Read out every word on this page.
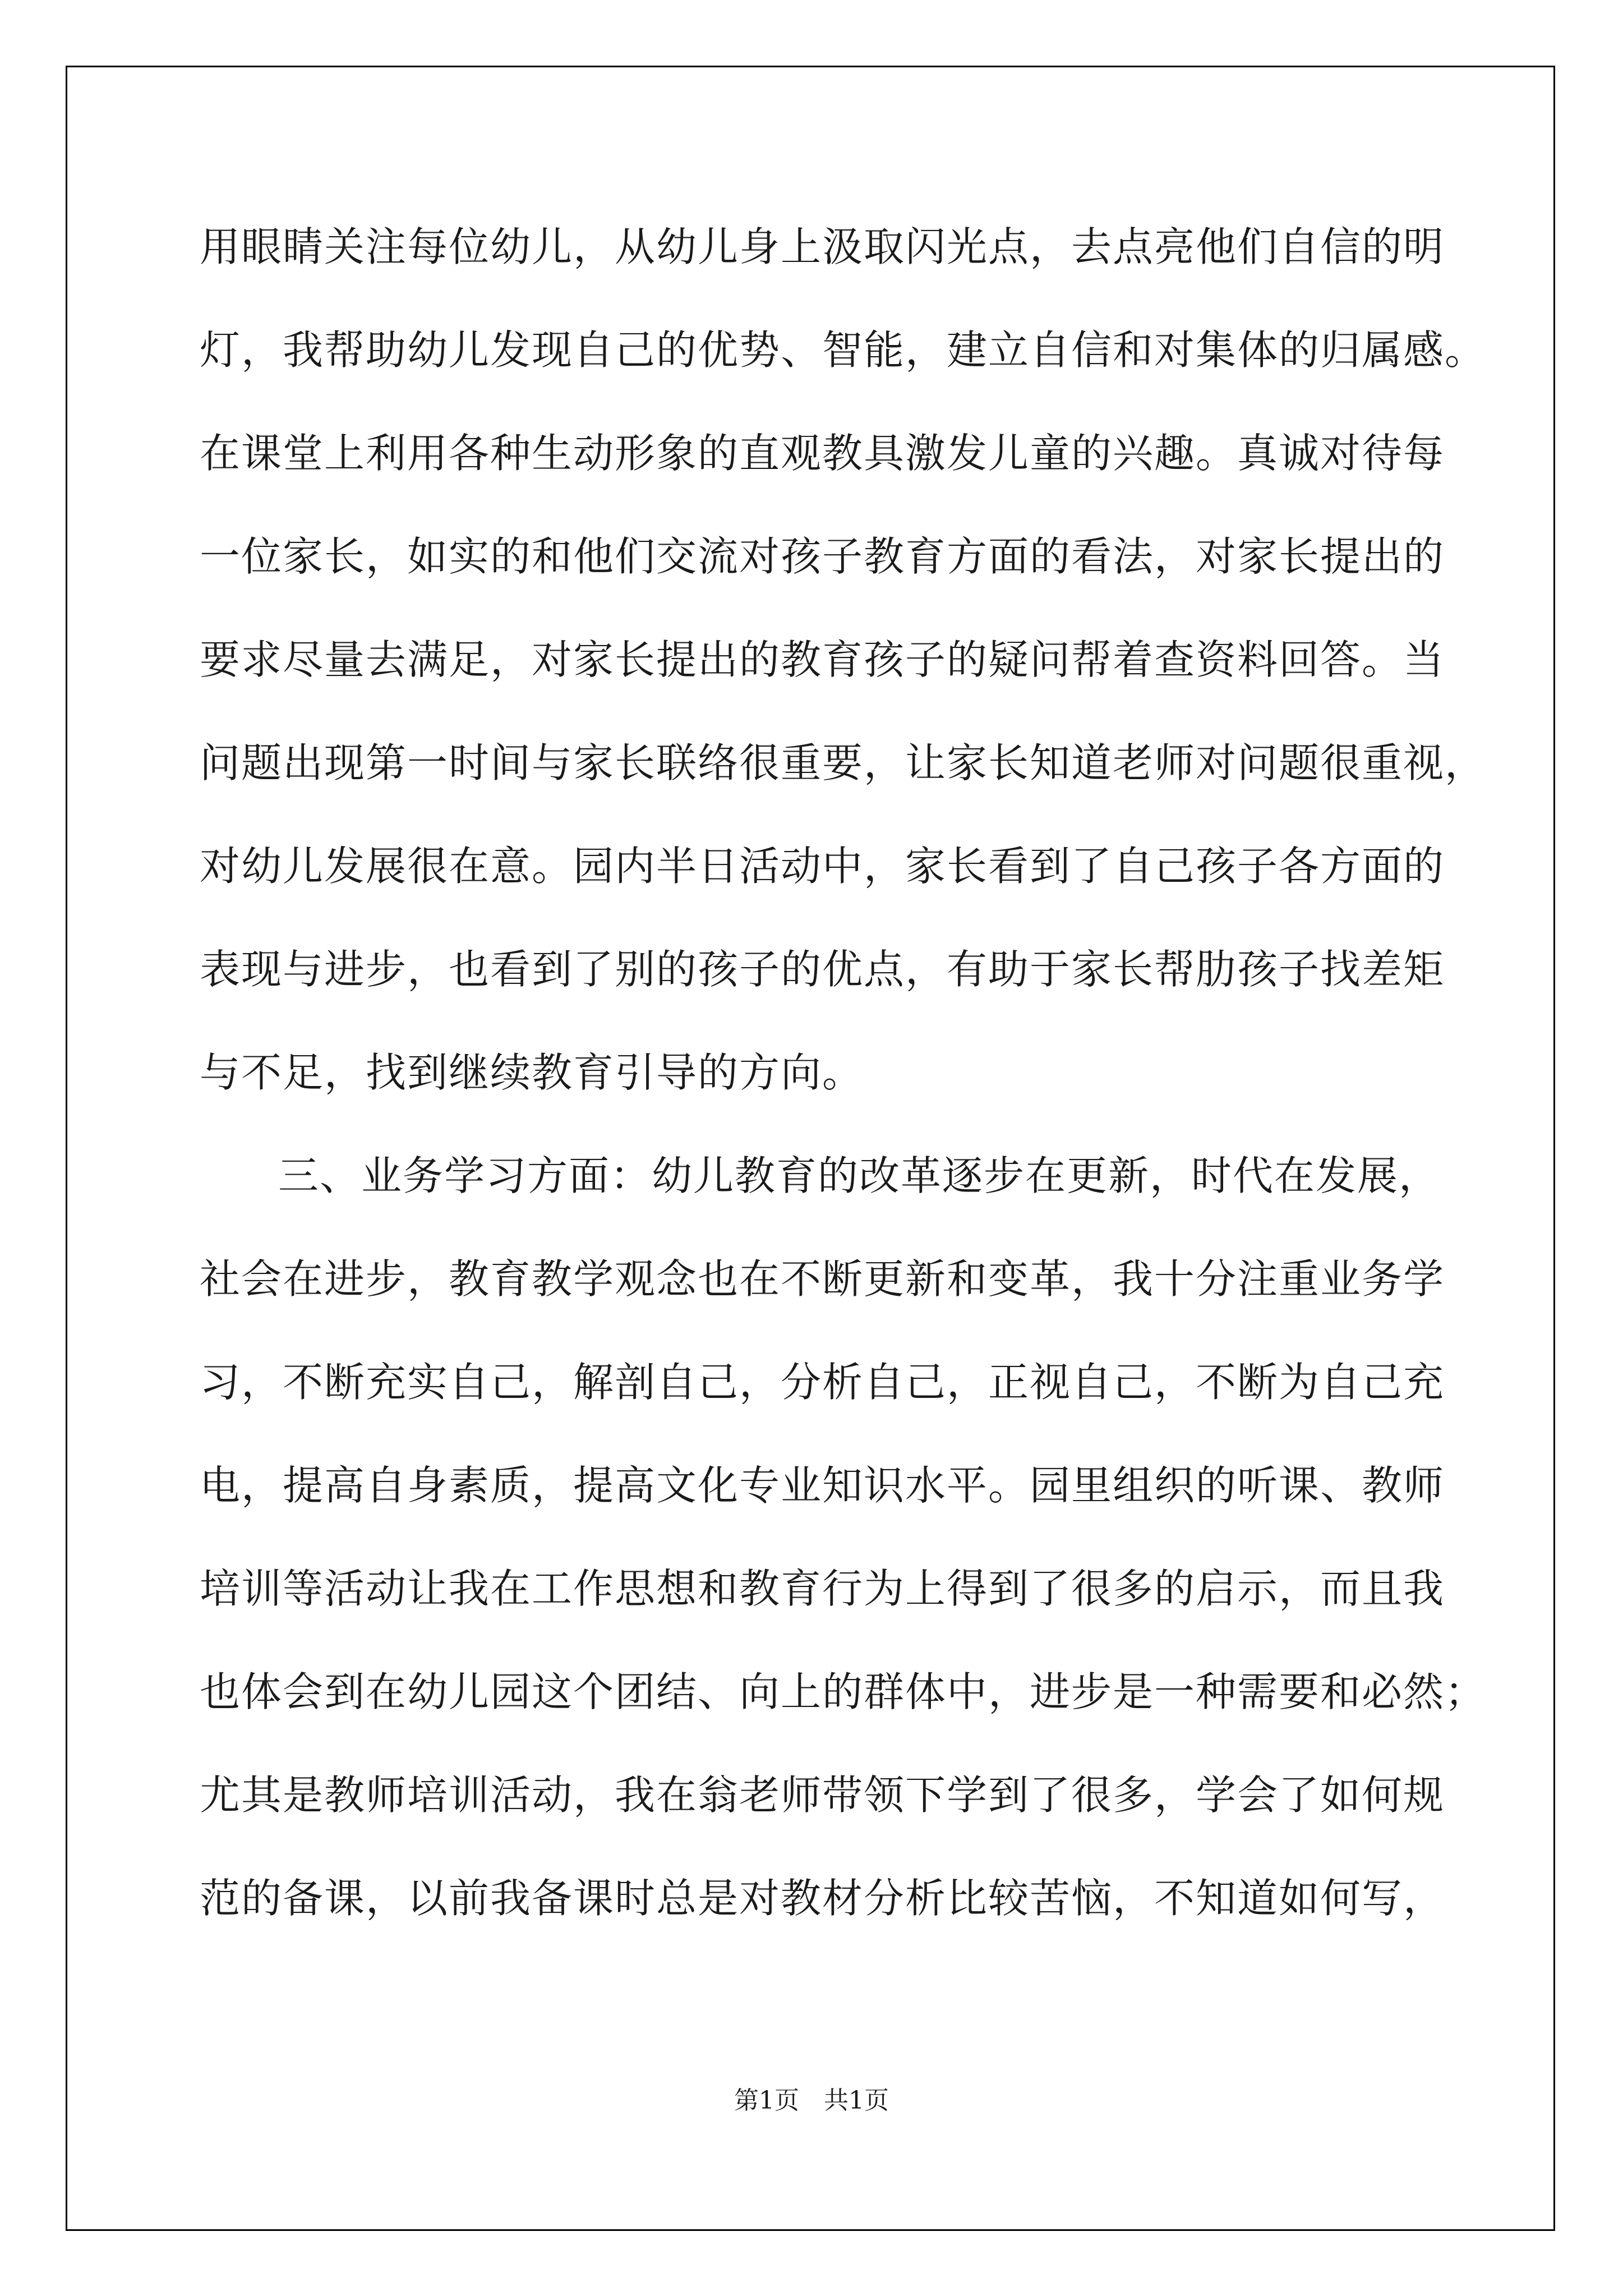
用眼睛关注每位幼儿，从幼儿身上汲取闪光点，去点亮他们自信的明
灯，我帮助幼儿发现自己的优势、智能，建立自信和对集体的归属感。
在课堂上利用各种生动形象的直观教具激发儿童的兴趣。真诚对待每
一位家长，如实的和他们交流对孩子教育方面的看法，对家长提出的
要求尽量去满足，对家长提出的教育孩子的疑问帮着查资料回答。当
问题出现第一时间与家长联络很重要，让家长知道老师对问题很重视，
对幼儿发展很在意。园内半日活动中，家长看到了自己孩子各方面的
表现与进步，也看到了别的孩子的优点，有助于家长帮肋孩子找差矩
与不足，找到继续教育引导的方向。
三、业务学习方面：幼儿教育的改革逐步在更新，时代在发展，
社会在进步，教育教学观念也在不断更新和变革，我十分注重业务学
习，不断充实自己，解剖自己，分析自己，正视自己，不断为自己充
电，提高自身素质，提高文化专业知识水平。园里组织的听课、教师
培训等活动让我在工作思想和教育行为上得到了很多的启示，而且我
也体会到在幼儿园这个团结、向上的群体中，进步是一种需要和必然；
尤其是教师培训活动，我在翁老师带领下学到了很多，学会了如何规
范的备课，以前我备课时总是对教材分析比较苦恼，不知道如何写，
第1页　共1页
